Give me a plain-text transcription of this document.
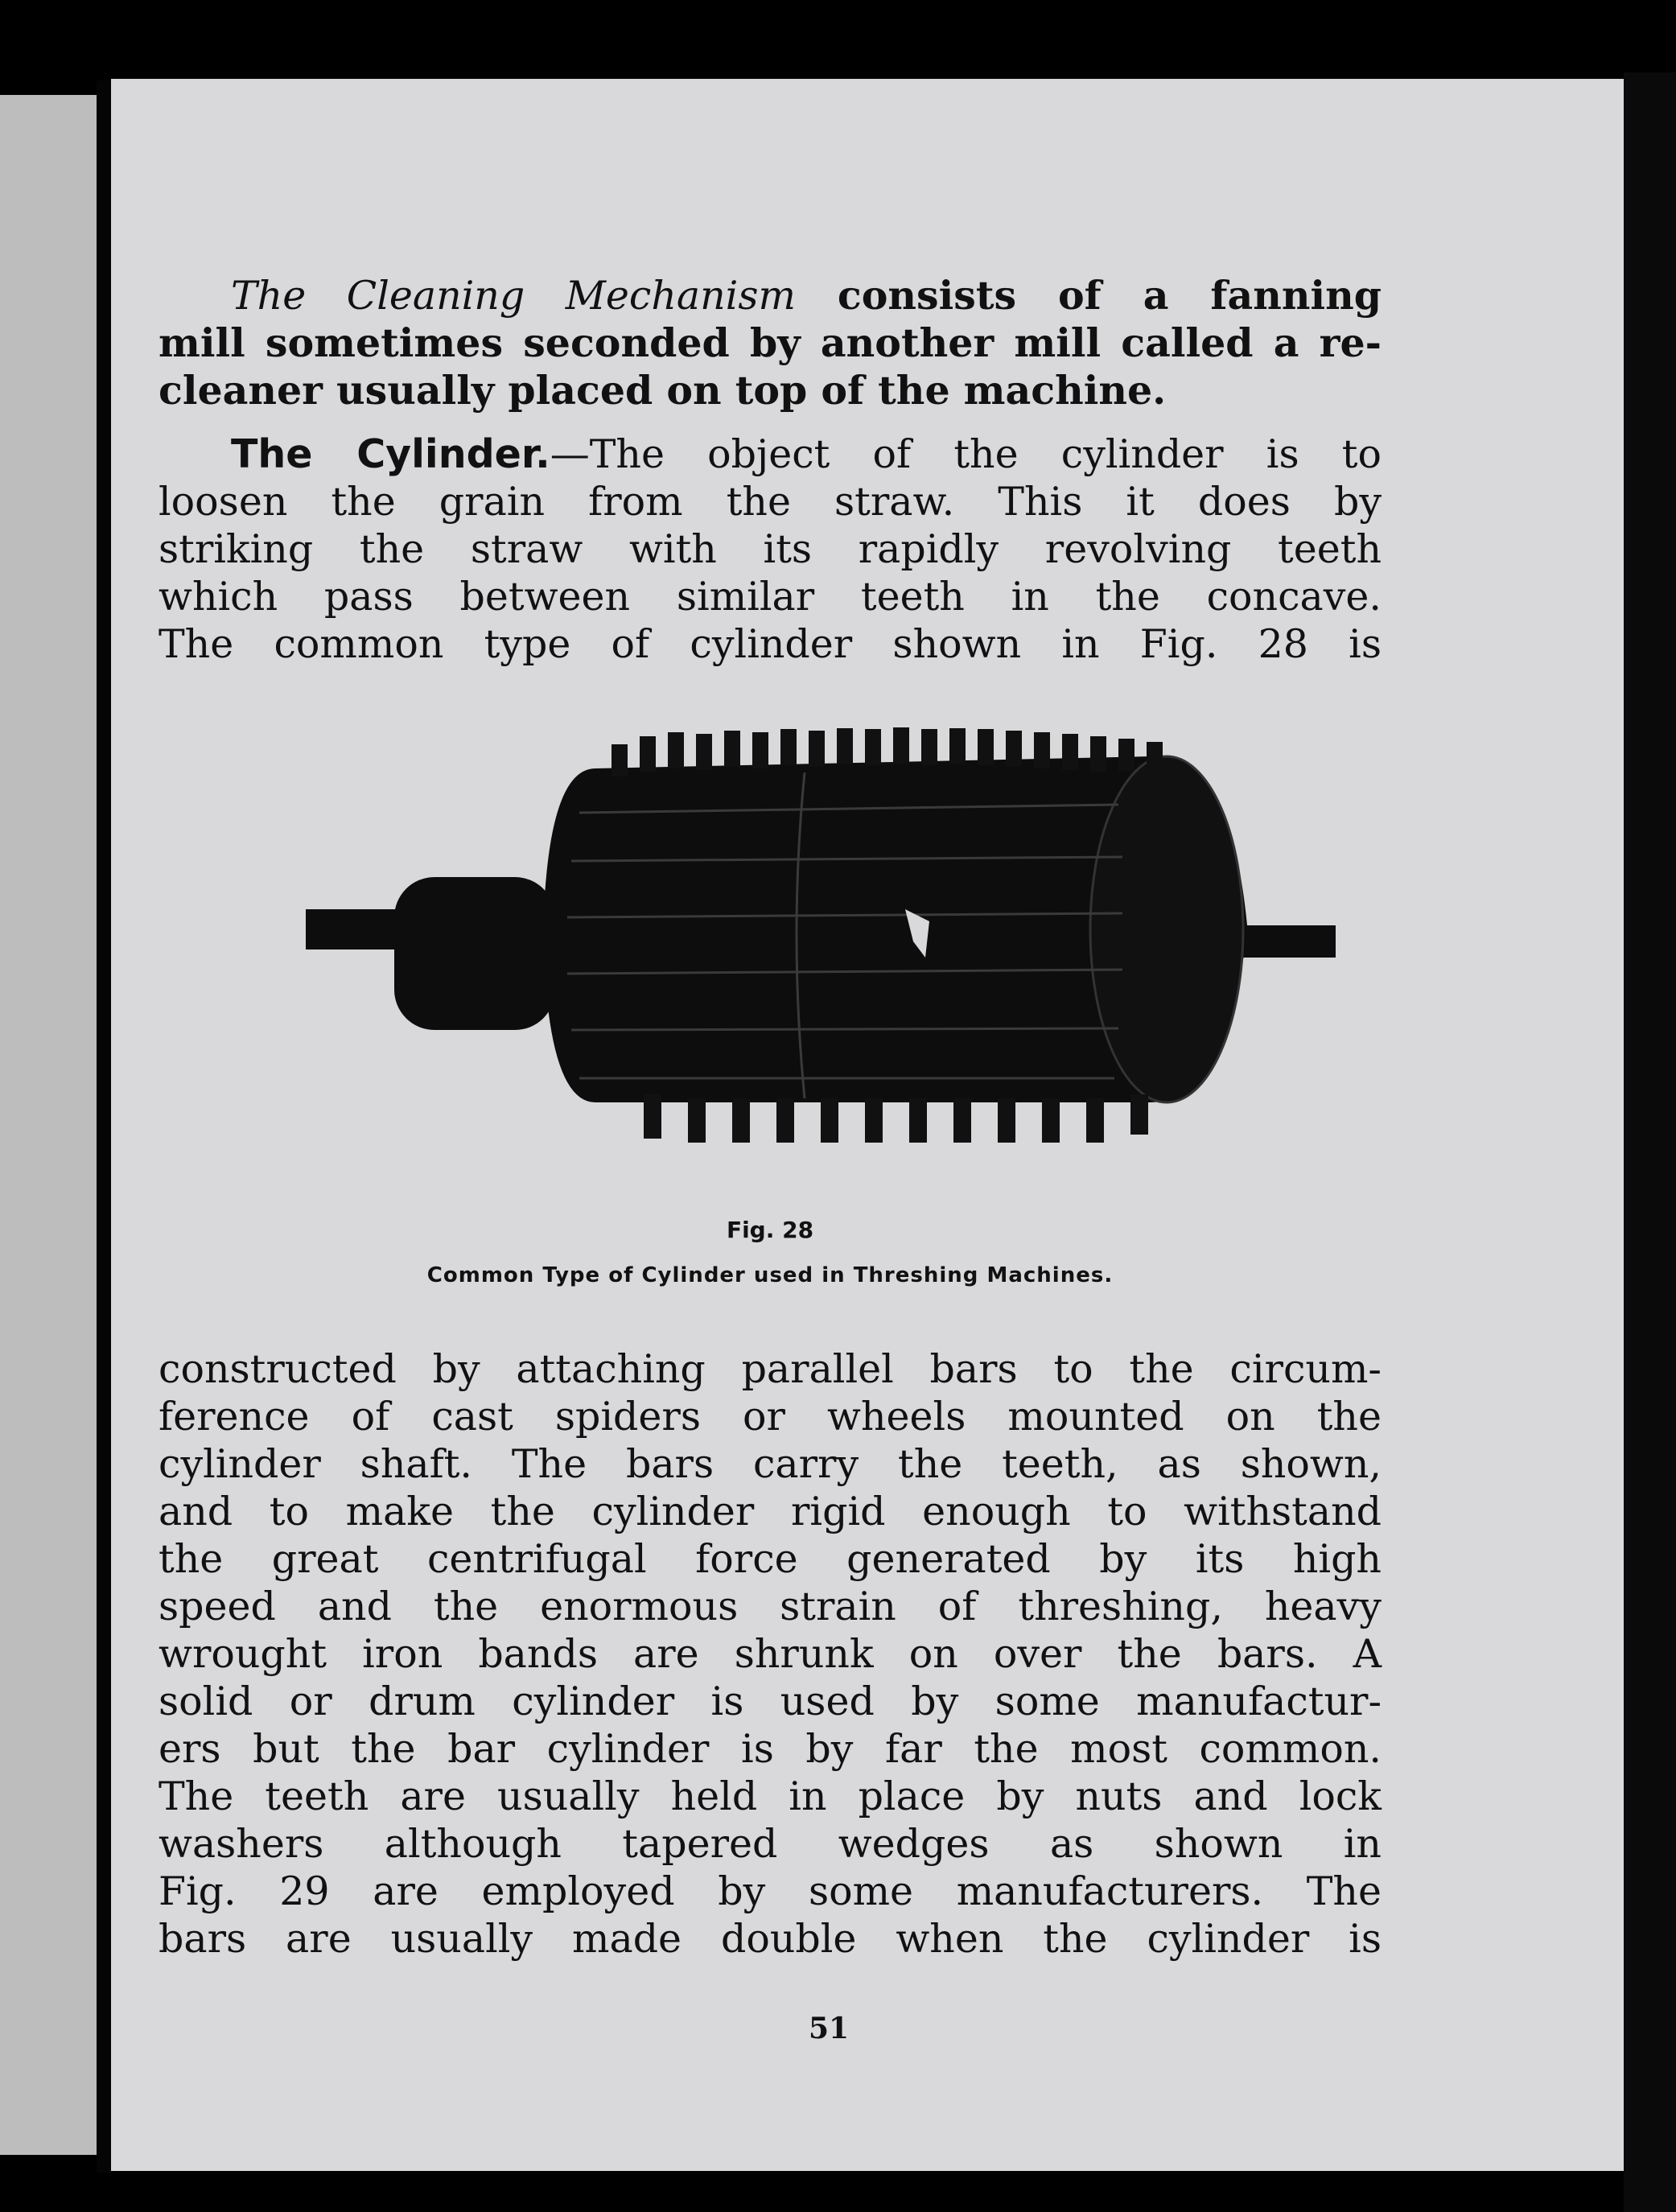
The Cleaning Mechanism consists of a fanning

mill sometimes seconded by another mill called a re-

cleaner usually placed on top of the machine.

The Cylinder.—The object of the cylinder is to

loosen the grain from the straw. This it does by

striking the straw with its rapidly revolving teeth

which pass between similar teeth in the concave.

The common type of cylinder shown in Fig. 28 is

Fig. 28
Common Type of Cylinder used in Threshing Machines.

constructed by attaching parallel bars to the circum-

ference of cast spiders or wheels mounted on the

cylinder shaft. The bars carry the teeth, as shown,

and to make the cylinder rigid enough to withstand

the great centrifugal force generated by its high

speed and the enormous strain of threshing, heavy

wrought iron bands are shrunk on over the bars. A

solid or drum cylinder is used by some manufactur-

ers but the bar cylinder is by far the most common.

The teeth are usually held in place by nuts and lock

washers although tapered wedges as shown in

Fig. 29 are employed by some manufacturers. The

bars are usually made double when the cylinder is

51
